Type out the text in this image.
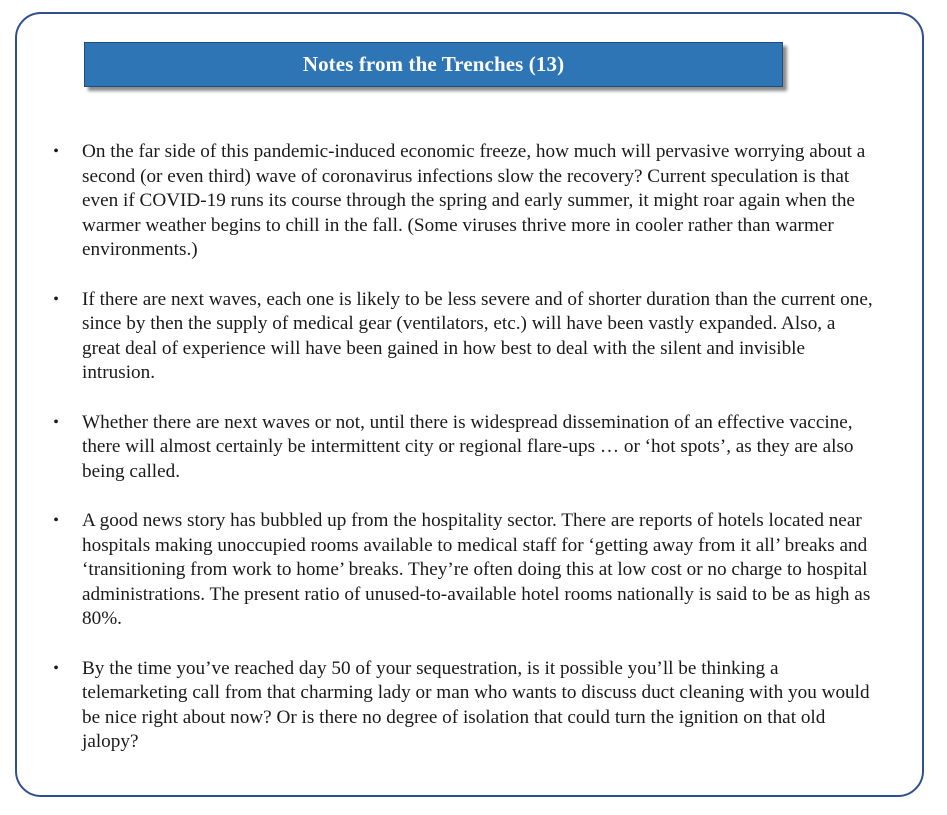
Notes from the Trenches (13)
• On the far side of this pandemic-induced economic freeze, how much will pervasive worrying about a second (or even third) wave of coronavirus infections slow the recovery? Current speculation is that even if COVID-19 runs its course through the spring and early summer, it might roar again when the warmer weather begins to chill in the fall. (Some viruses thrive more in cooler rather than warmer environments.)
• If there are next waves, each one is likely to be less severe and of shorter duration than the current one, since by then the supply of medical gear (ventilators, etc.) will have been vastly expanded. Also, a great deal of experience will have been gained in how best to deal with the silent and invisible intrusion.
• Whether there are next waves or not, until there is widespread dissemination of an effective vaccine, there will almost certainly be intermittent city or regional flare-ups … or ‘hot spots’, as they are also being called.
• A good news story has bubbled up from the hospitality sector. There are reports of hotels located near hospitals making unoccupied rooms available to medical staff for ‘getting away from it all’ breaks and ‘transitioning from work to home’ breaks. They’re often doing this at low cost or no charge to hospital administrations. The present ratio of unused-to-available hotel rooms nationally is said to be as high as 80%.
• By the time you’ve reached day 50 of your sequestration, is it possible you’ll be thinking a telemarketing call from that charming lady or man who wants to discuss duct cleaning with you would be nice right about now? Or is there no degree of isolation that could turn the ignition on that old jalopy?
